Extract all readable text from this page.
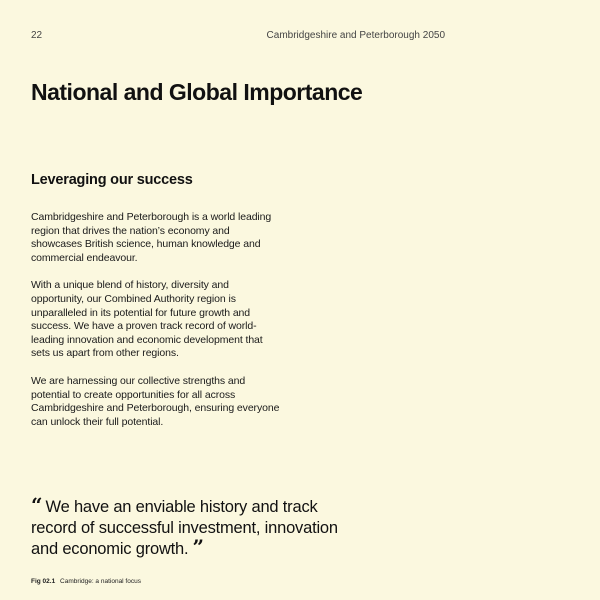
22	Cambridgeshire and Peterborough 2050
National and Global Importance
Leveraging our success

Cambridgeshire and Peterborough is a world leading region that drives the nation’s economy and showcases British science, human knowledge and commercial endeavour.

With a unique blend of history, diversity and opportunity, our Combined Authority region is unparalleled in its potential for future growth and success. We have a proven track record of world-leading innovation and economic development that sets us apart from other regions.

We are harnessing our collective strengths and potential to create opportunities for all across Cambridgeshire and Peterborough, ensuring everyone can unlock their full potential.

“ We have an enviable history and track record of successful investment, innovation and economic growth. ”
Fig 02.1 Cambridge: a national focus
